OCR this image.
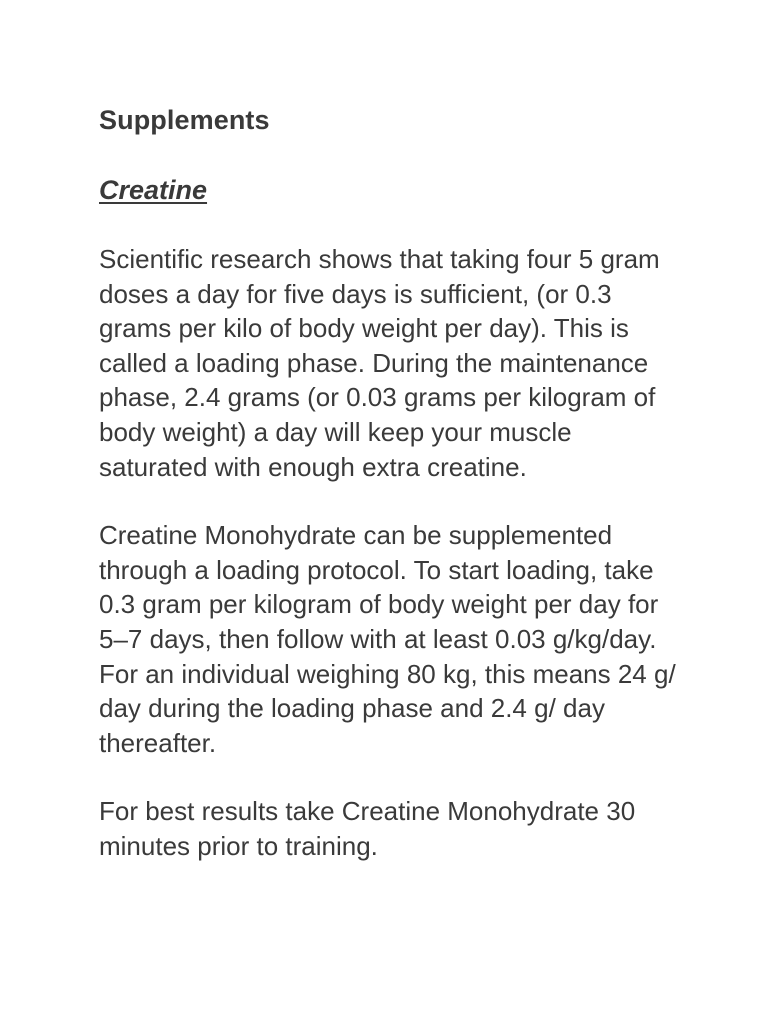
Supplements
Creatine

Scientific research shows that taking four 5 gram doses a day for five days is sufficient, (or 0.3 grams per kilo of body weight per day). This is called a loading phase. During the maintenance phase, 2.4 grams (or 0.03 grams per kilogram of body weight) a day will keep your muscle saturated with enough extra creatine.

Creatine Monohydrate can be supplemented through a loading protocol. To start loading, take 0.3 gram per kilogram of body weight per day for 5–7 days, then follow with at least 0.03 g/kg/day. For an individual weighing 80 kg, this means 24 g/ day during the loading phase and 2.4 g/ day thereafter.

For best results take Creatine Monohydrate 30 minutes prior to training.
